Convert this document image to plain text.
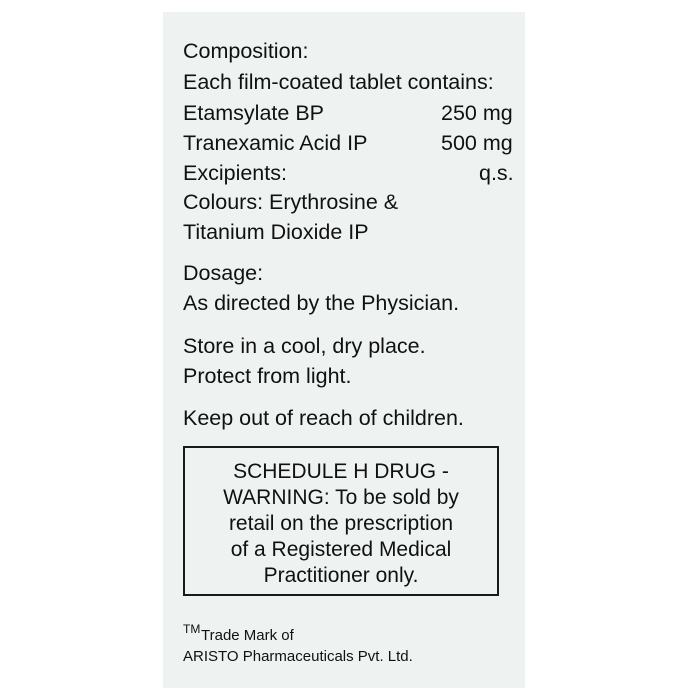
Composition:
Each film-coated tablet contains:
Etamsylate BP	250 mg
Tranexamic Acid IP	500 mg
Excipients:	q.s.
Colours: Erythrosine &
Titanium Dioxide IP
Dosage:
As directed by the Physician.
Store in a cool, dry place.
Protect from light.
Keep out of reach of children.
SCHEDULE H DRUG -
WARNING: To be sold by
retail on the prescription
of a Registered Medical
Practitioner only.
TM Trade Mark of
ARISTO Pharmaceuticals Pvt. Ltd.
